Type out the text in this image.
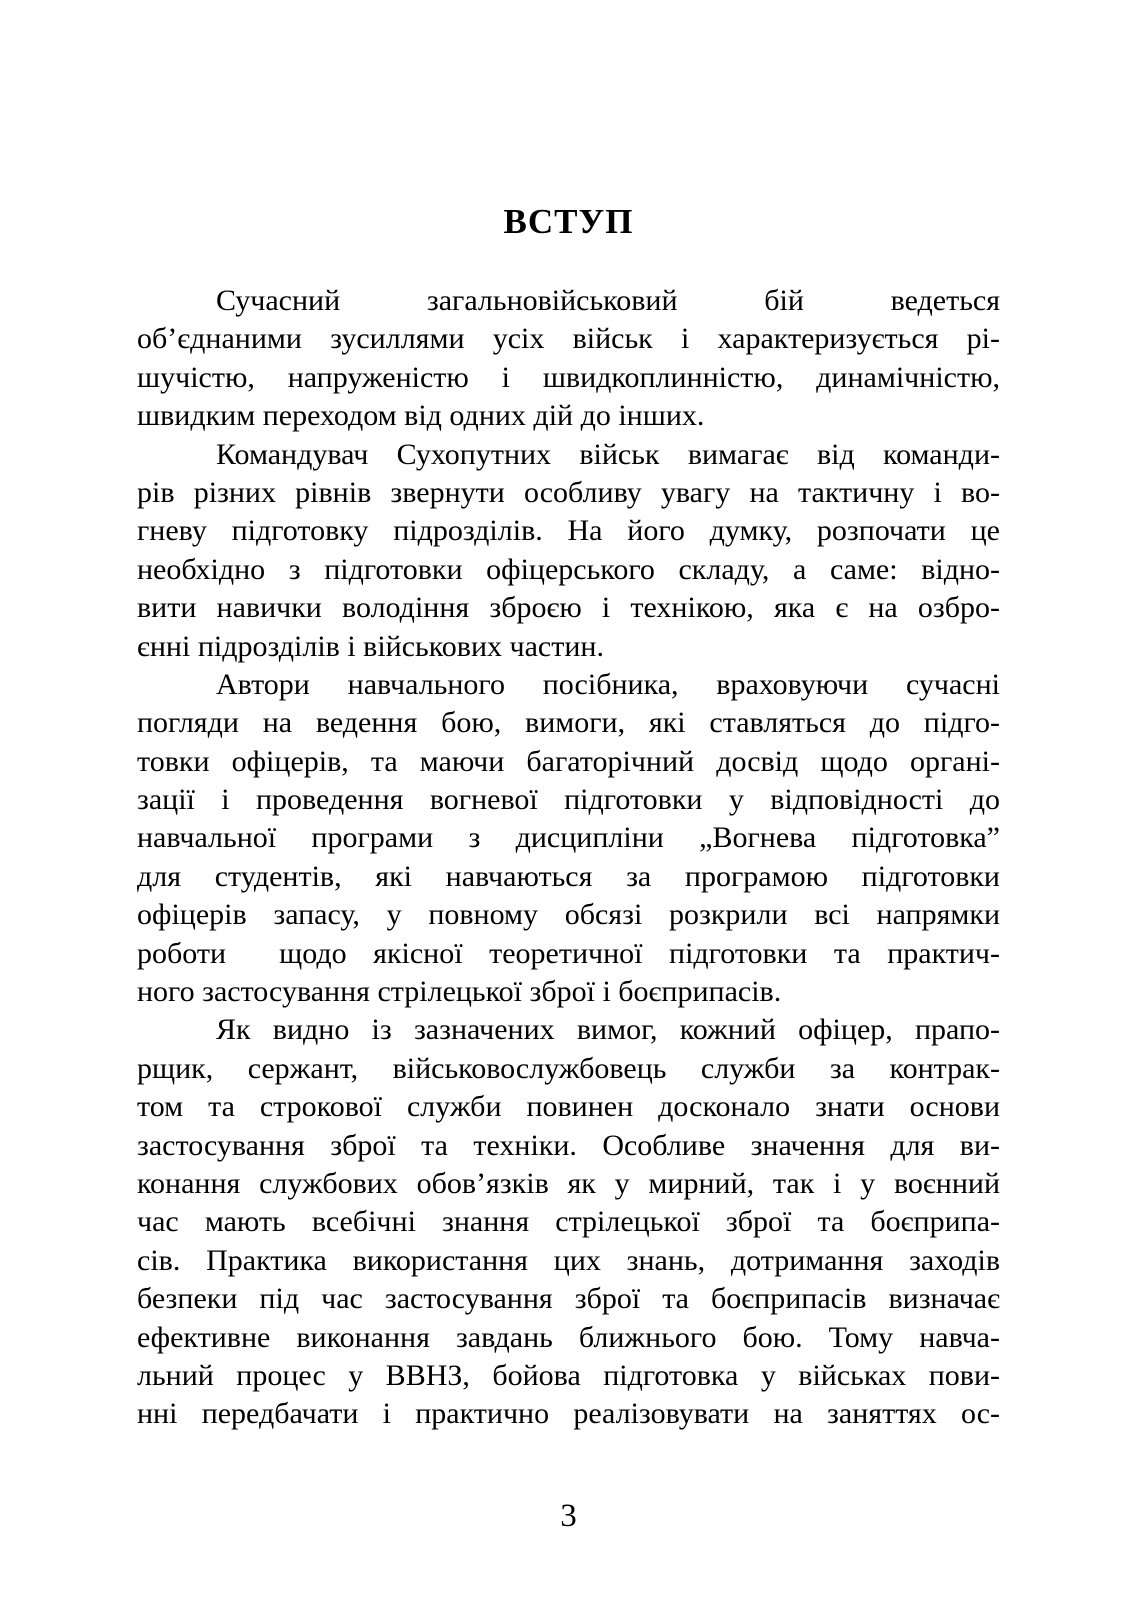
ВСТУП
Сучасний загальновійськовий бій ведеться
об’єднаними зусиллями усіх військ і характеризується рі-
шучістю, напруженістю і швидкоплинністю, динамічністю,
швидким переходом від одних дій до інших.
Командувач Сухопутних військ вимагає від команди-
рів різних рівнів звернути особливу увагу на тактичну і во-
гневу підготовку підрозділів. На його думку, розпочати це
необхідно з підготовки офіцерського складу, а саме: відно-
вити навички володіння зброєю і технікою, яка є на озбро-
єнні підрозділів і військових частин.
Автори навчального посібника, враховуючи сучасні
погляди на ведення бою, вимоги, які ставляться до підго-
товки офіцерів, та маючи багаторічний досвід щодо органі-
зації і проведення вогневої підготовки у відповідності до
навчальної програми з дисципліни „Вогнева підготовка”
для студентів, які навчаються за програмою підготовки
офіцерів запасу, у повному обсязі розкрили всі напрямки
роботи  щодо якісної теоретичної підготовки та практич-
ного застосування стрілецької зброї і боєприпасів.
Як видно із зазначених вимог, кожний офіцер, прапо-
рщик, сержант, військовослужбовець служби за контрак-
том та строкової служби повинен досконало знати основи
застосування зброї та техніки. Особливе значення для ви-
конання службових обов’язків як у мирний, так і у воєнний
час мають всебічні знання стрілецької зброї та боєприпа-
сів. Практика використання цих знань, дотримання заходів
безпеки під час застосування зброї та боєприпасів визначає
ефективне виконання завдань ближнього бою. Тому навча-
льний процес у ВВНЗ, бойова підготовка у військах пови-
нні передбачати і практично реалізовувати на заняттях ос-
3
